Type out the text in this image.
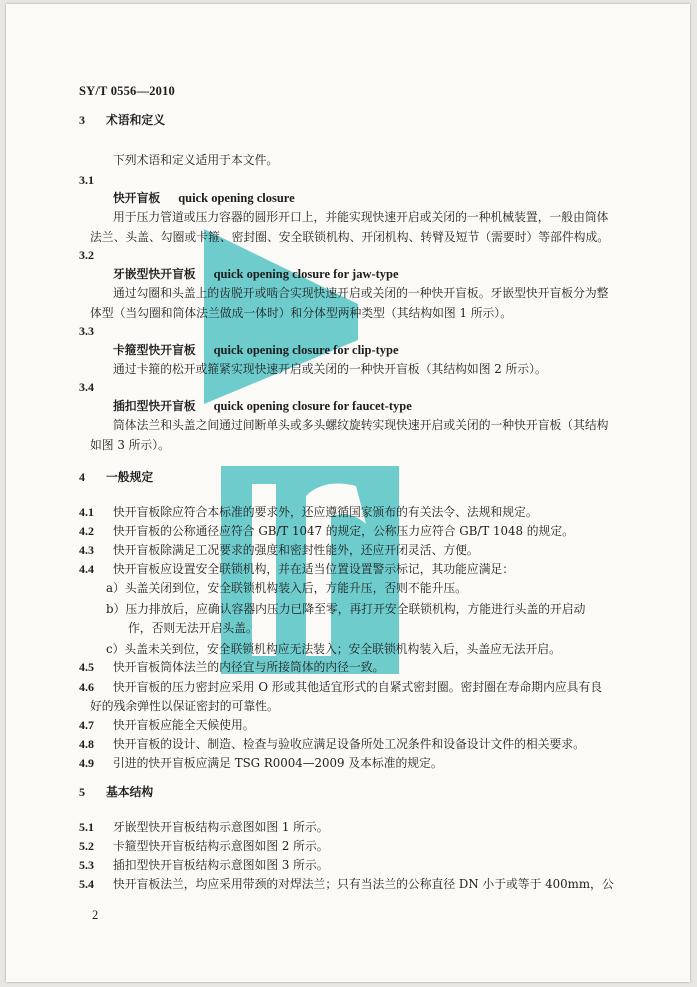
SY/T 0556—2010
3 术语和定义
下列术语和定义适用于本文件。
3.1
快开盲板 quick opening closure
用于压力管道或压力容器的圆形开口上，并能实现快速开启或关闭的一种机械装置，一般由筒体
法兰、头盖、勾圈或卡箍、密封圈、安全联锁机构、开闭机构、转臂及短节（需要时）等部件构成。
3.2
牙嵌型快开盲板 quick opening closure for jaw-type
通过勾圈和头盖上的齿脱开或啮合实现快速开启或关闭的一种快开盲板。牙嵌型快开盲板分为整
体型（当勾圈和筒体法兰做成一体时）和分体型两种类型（其结构如图 1 所示）。
3.3
卡箍型快开盲板 quick opening closure for clip-type
通过卡箍的松开或箍紧实现快速开启或关闭的一种快开盲板（其结构如图 2 所示）。
3.4
插扣型快开盲板 quick opening closure for faucet-type
筒体法兰和头盖之间通过间断单头或多头螺纹旋转实现快速开启或关闭的一种快开盲板（其结构
如图 3 所示）。
4 一般规定
4.1 快开盲板除应符合本标准的要求外，还应遵循国家颁布的有关法令、法规和规定。
4.2 快开盲板的公称通径应符合 GB/T 1047 的规定，公称压力应符合 GB/T 1048 的规定。
4.3 快开盲板除满足工况要求的强度和密封性能外，还应开闭灵活、方便。
4.4 快开盲板应设置安全联锁机构，并在适当位置设置警示标记，其功能应满足：
a）头盖关闭到位，安全联锁机构装入后，方能升压，否则不能升压。
b）压力排放后，应确认容器内压力已降至零，再打开安全联锁机构，方能进行头盖的开启动
作，否则无法开启头盖。
c）头盖未关到位，安全联锁机构应无法装入；安全联锁机构装入后，头盖应无法开启。
4.5 快开盲板筒体法兰的内径宜与所接筒体的内径一致。
4.6 快开盲板的压力密封应采用 O 形或其他适宜形式的自紧式密封圈。密封圈在寿命期内应具有良
好的残余弹性以保证密封的可靠性。
4.7 快开盲板应能全天候使用。
4.8 快开盲板的设计、制造、检查与验收应满足设备所处工况条件和设备设计文件的相关要求。
4.9 引进的快开盲板应满足 TSG R0004—2009 及本标准的规定。
5 基本结构
5.1 牙嵌型快开盲板结构示意图如图 1 所示。
5.2 卡箍型快开盲板结构示意图如图 2 所示。
5.3 插扣型快开盲板结构示意图如图 3 所示。
5.4 快开盲板法兰，均应采用带颈的对焊法兰；只有当法兰的公称直径 DN 小于或等于 400mm，公
2
